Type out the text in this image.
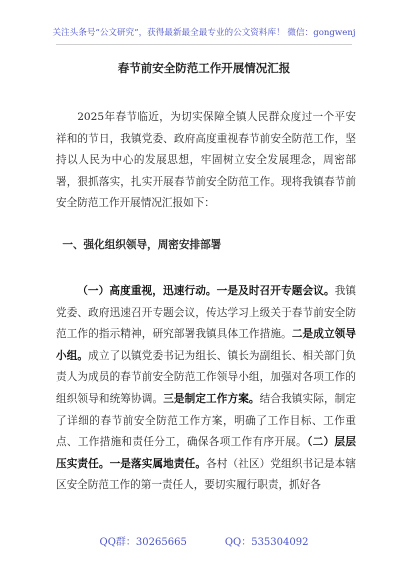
关注头条号“公文研究”，获得最新最全最专业的公文资料库！ 微信：gongwenj
春节前安全防范工作开展情况汇报

2025年春节临近，为切实保障全镇人民群众度过一个平安祥和的节日，我镇党委、政府高度重视春节前安全防范工作，坚持以人民为中心的发展思想，牢固树立安全发展理念，周密部署，狠抓落实，扎实开展春节前安全防范工作。现将我镇春节前安全防范工作开展情况汇报如下：

一、强化组织领导，周密安排部署

（一）高度重视，迅速行动。一是及时召开专题会议。我镇党委、政府迅速召开专题会议，传达学习上级关于春节前安全防范工作的指示精神，研究部署我镇具体工作措施。二是成立领导小组。成立了以镇党委书记为组长、镇长为副组长、相关部门负责人为成员的春节前安全防范工作领导小组，加强对各项工作的组织领导和统筹协调。三是制定工作方案。结合我镇实际，制定了详细的春节前安全防范工作方案，明确了工作目标、工作重点、工作措施和责任分工，确保各项工作有序开展。（二）层层压实责任。一是落实属地责任。各村（社区）党组织书记是本辖区安全防范工作的第一责任人，要切实履行职责，抓好各

QQ群：30265665	QQ：535304092
